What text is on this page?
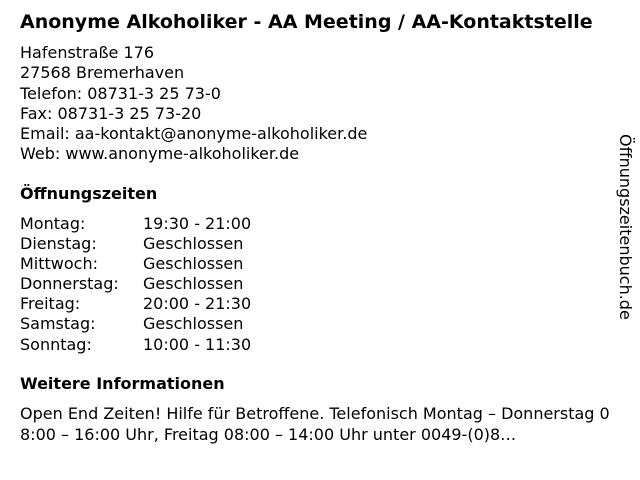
Anonyme Alkoholiker - AA Meeting / AA-Kontaktstelle
Hafenstraße 176
27568 Bremerhaven
Telefon: 08731-3 25 73-0
Fax: 08731-3 25 73-20
Email: aa-kontakt@anonyme-alkoholiker.de
Web: www.anonyme-alkoholiker.de
Öffnungszeiten
Montag:	19:30 - 21:00
Dienstag:	Geschlossen
Mittwoch:	Geschlossen
Donnerstag:	Geschlossen
Freitag:	20:00 - 21:30
Samstag:	Geschlossen
Sonntag:	10:00 - 11:30
Weitere Informationen
Open End Zeiten! Hilfe für Betroffene. Telefonisch Montag – Donnerstag 08:00 – 16:00 Uhr, Freitag 08:00 – 14:00 Uhr unter 0049-(0)8…
Öffnungszeitenbuch.de
